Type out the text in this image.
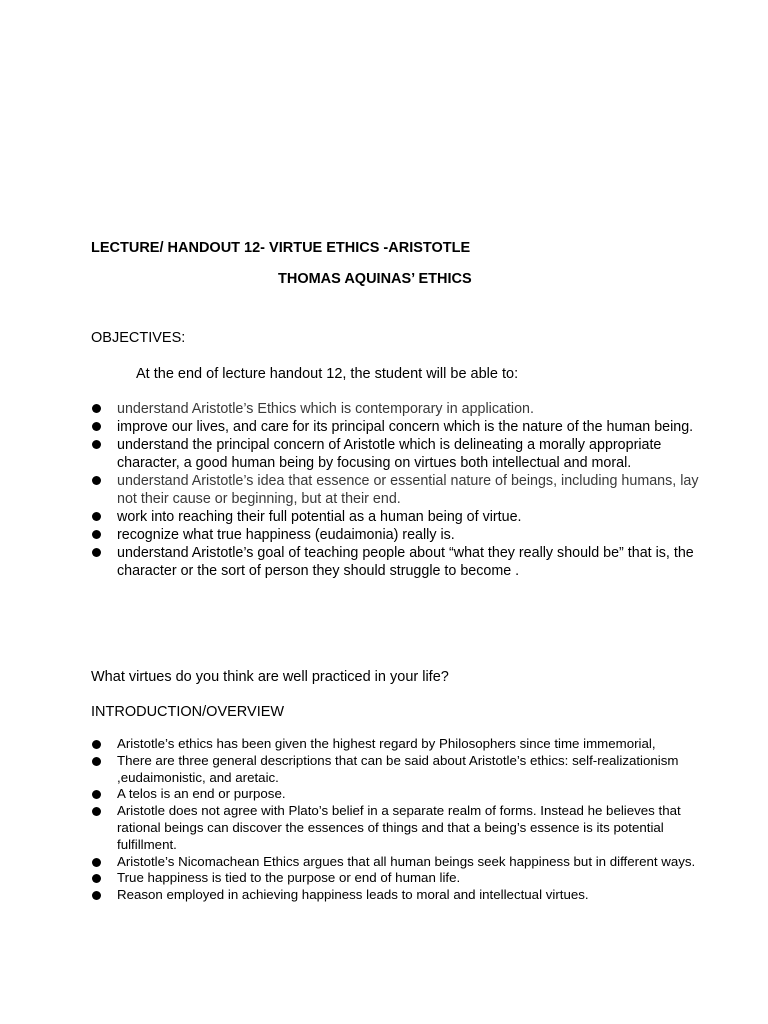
LECTURE/ HANDOUT 12- VIRTUE ETHICS -ARISTOTLE
THOMAS AQUINAS’ ETHICS
OBJECTIVES:
At the end of lecture handout 12, the student will be able to:
understand Aristotle’s Ethics which is contemporary in application.
improve our lives, and care for its principal concern which is the nature of the human being.
understand the principal concern of Aristotle which is delineating a morally appropriate character, a good human being by focusing on virtues both intellectual and moral.
understand Aristotle’s idea that essence or essential nature of beings, including humans, lay not their cause or beginning, but at their end.
work into reaching their full potential as a human being of virtue.
recognize what true happiness (eudaimonia) really is.
understand Aristotle’s goal of teaching people about “what they really should be” that is, the character or the sort of person they should struggle to become .
What virtues do you think are well practiced in your life?
INTRODUCTION/OVERVIEW
Aristotle’s ethics has been given the highest regard by Philosophers since time immemorial,
There are three general descriptions that can be said about Aristotle’s ethics: self-realizationism ,eudaimonistic, and aretaic.
A telos is an end or purpose.
Aristotle does not agree with Plato’s belief in a separate realm of forms. Instead he believes that rational beings can discover the essences of things and that a being’s essence is its potential fulfillment.
Aristotle’s Nicomachean Ethics argues that all human beings seek happiness but in different ways.
True happiness is tied to the purpose or end of human life.
Reason employed in achieving happiness leads to moral and intellectual virtues.
